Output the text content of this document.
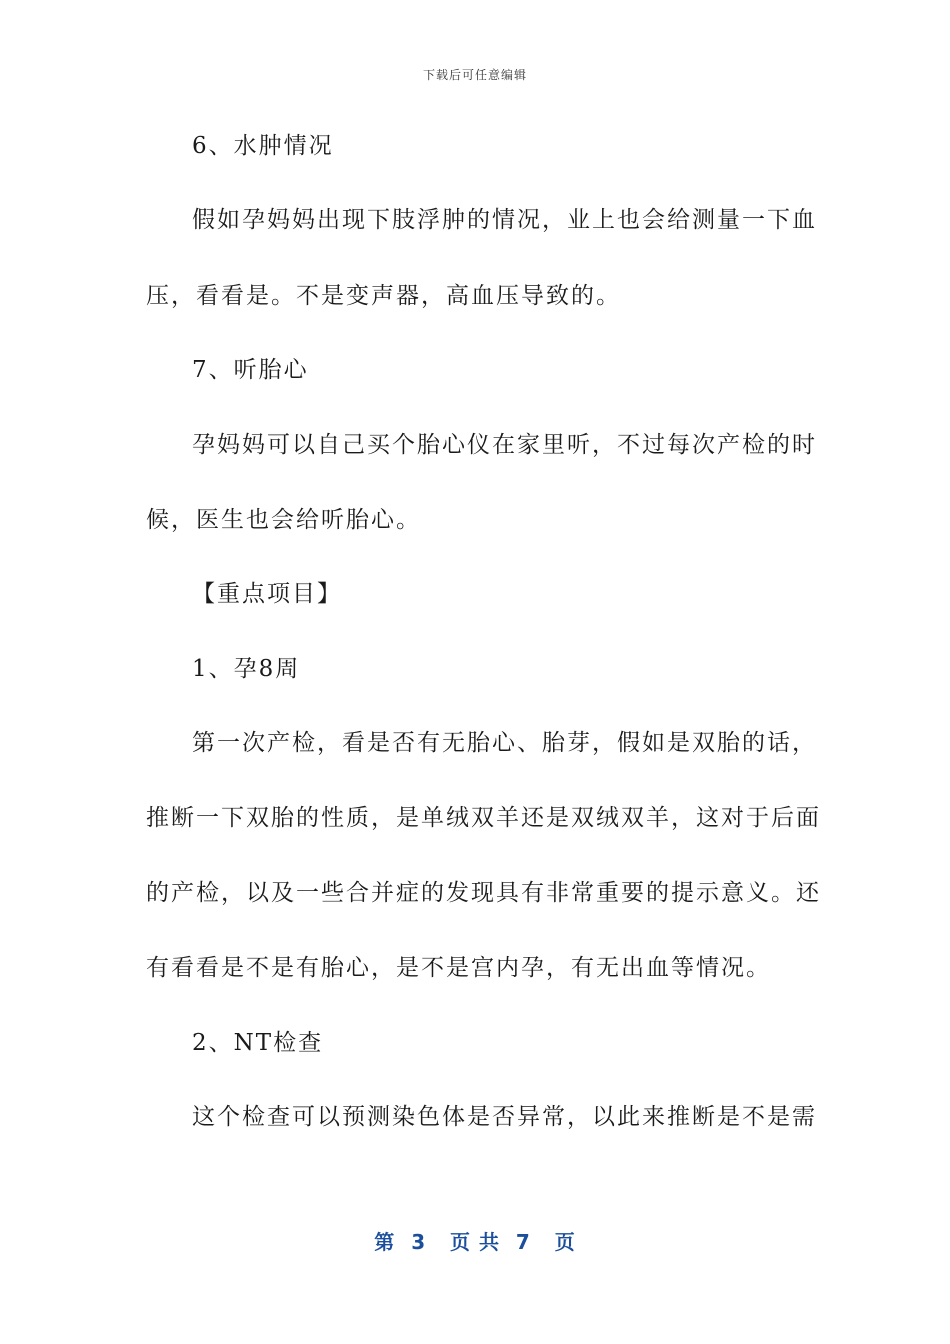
下载后可任意编辑
6、水肿情况
假如孕妈妈出现下肢浮肿的情况，业上也会给测量一下血
压，看看是。不是变声器，高血压导致的。
7、听胎心
孕妈妈可以自己买个胎心仪在家里听，不过每次产检的时
候，医生也会给听胎心。
【重点项目】
1、孕8周
第一次产检，看是否有无胎心、胎芽，假如是双胎的话，
推断一下双胎的性质，是单绒双羊还是双绒双羊，这对于后面
的产检，以及一些合并症的发现具有非常重要的提示意义。还
有看看是不是有胎心，是不是宫内孕，有无出血等情况。
2、NT检查
这个检查可以预测染色体是否异常，以此来推断是不是需
第  3   页 共  7   页
